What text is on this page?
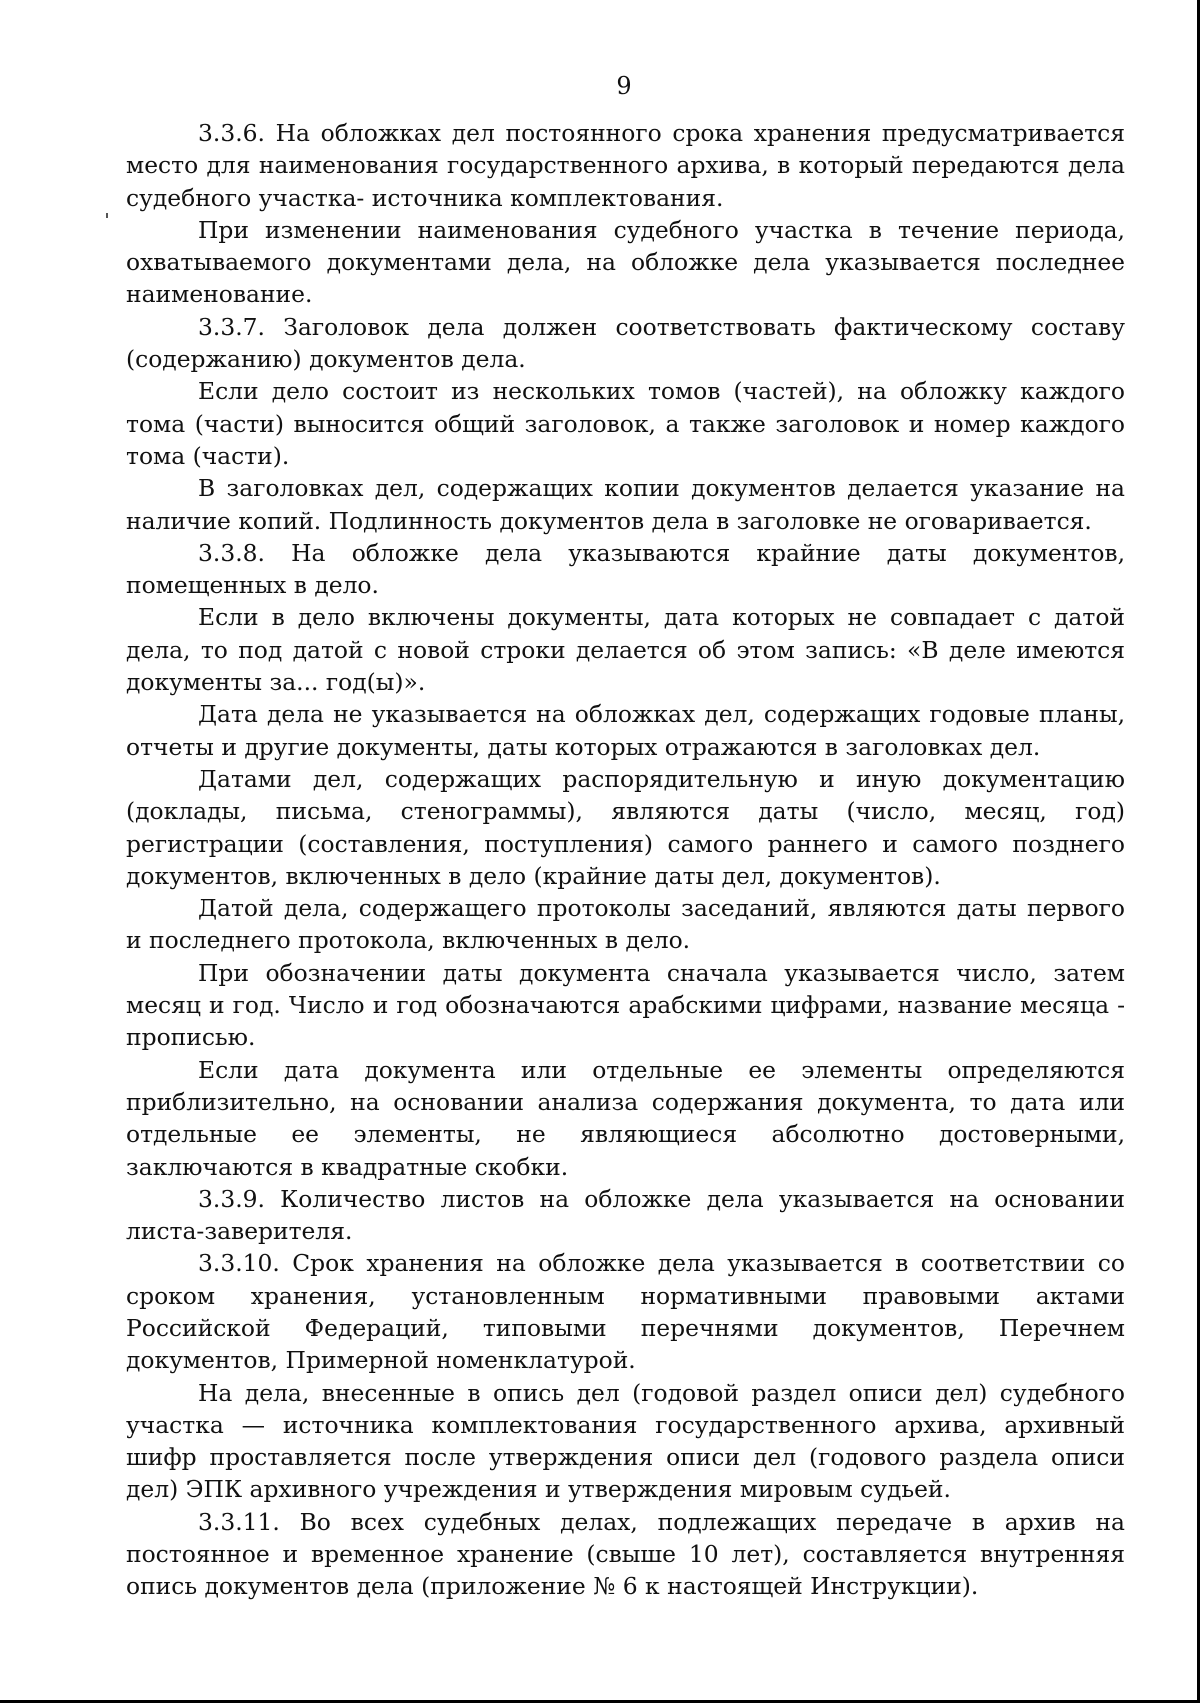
9

3.3.6. На обложках дел постоянного срока хранения предусматривается место для наименования государственного архива, в который передаются дела судебного участка- источника комплектования.

При изменении наименования судебного участка в течение периода, охватываемого документами дела, на обложке дела указывается последнее наименование.

3.3.7. Заголовок дела должен соответствовать фактическому составу (содержанию) документов дела.

Если дело состоит из нескольких томов (частей), на обложку каждого тома (части) выносится общий заголовок, а также заголовок и номер каждого тома (части).

В заголовках дел, содержащих копии документов делается указание на наличие копий. Подлинность документов дела в заголовке не оговаривается.

3.3.8. На обложке дела указываются крайние даты документов, помещенных в дело.

Если в дело включены документы, дата которых не совпадает с датой дела, то под датой с новой строки делается об этом запись: «В деле имеются документы за... год(ы)».

Дата дела не указывается на обложках дел, содержащих годовые планы, отчеты и другие документы, даты которых отражаются в заголовках дел.

Датами дел, содержащих распорядительную и иную документацию (доклады, письма, стенограммы), являются даты (число, месяц, год) регистрации (составления, поступления) самого раннего и самого позднего документов, включенных в дело (крайние даты дел, документов).

Датой дела, содержащего протоколы заседаний, являются даты первого и последнего протокола, включенных в дело.

При обозначении даты документа сначала указывается число, затем месяц и год. Число и год обозначаются арабскими цифрами, название месяца - прописью.

Если дата документа или отдельные ее элементы определяются приблизительно, на основании анализа содержания документа, то дата или отдельные ее элементы, не являющиеся абсолютно достоверными, заключаются в квадратные скобки.

3.3.9. Количество листов на обложке дела указывается на основании листа-заверителя.

3.3.10. Срок хранения на обложке дела указывается в соответствии со сроком хранения, установленным нормативными правовыми актами Российской Федераций, типовыми перечнями документов, Перечнем документов, Примерной номенклатурой.

На дела, внесенные в опись дел (годовой раздел описи дел) судебного участка — источника комплектования государственного архива, архивный шифр проставляется после утверждения описи дел (годового раздела описи дел) ЭПК архивного учреждения и утверждения мировым судьей.

3.3.11. Во всех судебных делах, подлежащих передаче в архив на постоянное и временное хранение (свыше 10 лет), составляется внутренняя опись документов дела (приложение № 6 к настоящей Инструкции).
